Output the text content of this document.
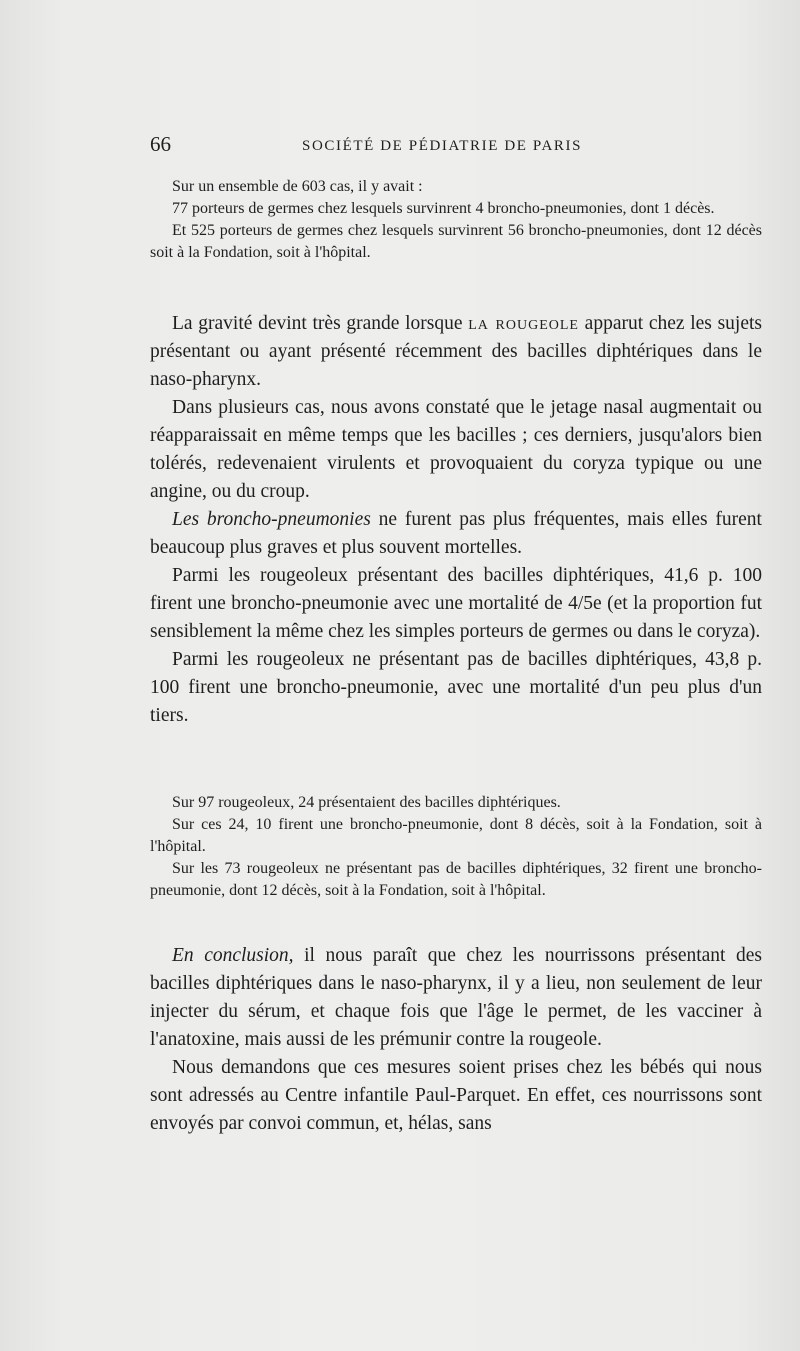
66	SOCIÉTÉ DE PÉDIATRIE DE PARIS

Sur un ensemble de 603 cas, il y avait :

77 porteurs de germes chez lesquels survinrent 4 broncho-pneumonies, dont 1 décès.

Et 525 porteurs de germes chez lesquels survinrent 56 broncho-pneumonies, dont 12 décès soit à la Fondation, soit à l'hôpital.

La gravité devint très grande lorsque la rougeole apparut chez les sujets présentant ou ayant présenté récemment des bacilles diphtériques dans le naso-pharynx.

Dans plusieurs cas, nous avons constaté que le jetage nasal augmentait ou réapparaissait en même temps que les bacilles ; ces derniers, jusqu'alors bien tolérés, redevenaient virulents et provoquaient du coryza typique ou une angine, ou du croup.

Les broncho-pneumonies ne furent pas plus fréquentes, mais elles furent beaucoup plus graves et plus souvent mortelles.

Parmi les rougeoleux présentant des bacilles diphtériques, 41,6 p. 100 firent une broncho-pneumonie avec une mortalité de 4/5e (et la proportion fut sensiblement la même chez les simples porteurs de germes ou dans le coryza).

Parmi les rougeoleux ne présentant pas de bacilles diphtériques, 43,8 p. 100 firent une broncho-pneumonie, avec une mortalité d'un peu plus d'un tiers.

Sur 97 rougeoleux, 24 présentaient des bacilles diphtériques.

Sur ces 24, 10 firent une broncho-pneumonie, dont 8 décès, soit à la Fondation, soit à l'hôpital.

Sur les 73 rougeoleux ne présentant pas de bacilles diphtériques, 32 firent une broncho-pneumonie, dont 12 décès, soit à la Fondation, soit à l'hôpital.

En conclusion, il nous paraît que chez les nourrissons présentant des bacilles diphtériques dans le naso-pharynx, il y a lieu, non seulement de leur injecter du sérum, et chaque fois que l'âge le permet, de les vacciner à l'anatoxine, mais aussi de les prémunir contre la rougeole.

Nous demandons que ces mesures soient prises chez les bébés qui nous sont adressés au Centre infantile Paul-Parquet. En effet, ces nourrissons sont envoyés par convoi commun, et, hélas, sans
